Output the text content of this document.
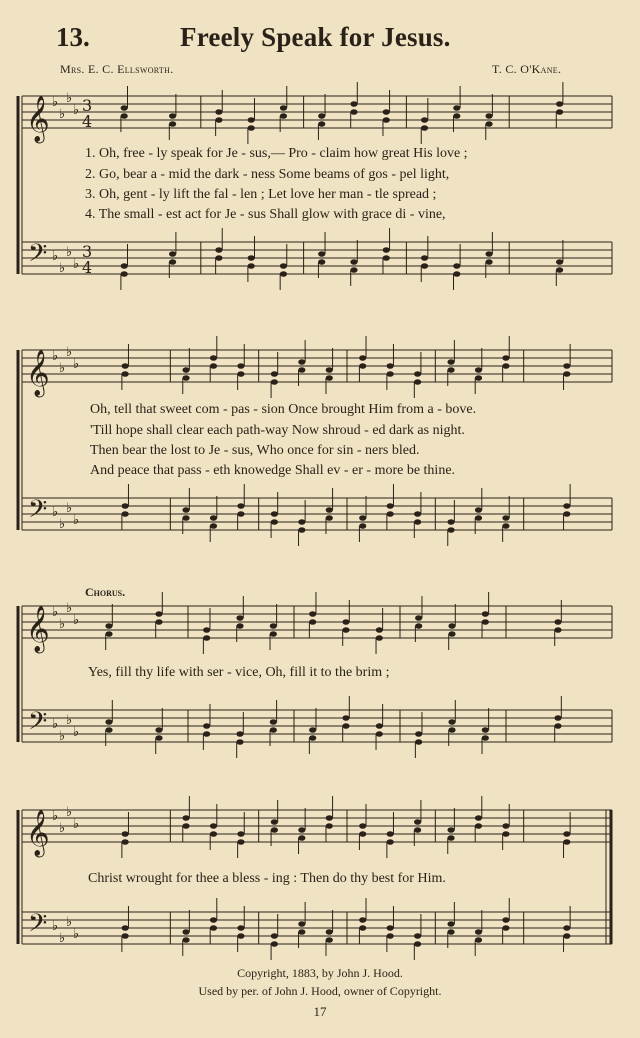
13.	Freely Speak for Jesus.
Mrs. E. C. Ellsworth.	T. C. O'Kane.
𝄞
𝄢
♭
♭
♭
♭
♭
♭
♭
♭
3
4
3
4
𝄞
𝄢
♭
♭
♭
♭
♭
♭
♭
♭
𝄞
𝄢
♭
♭
♭
♭
♭
♭
♭
♭
𝄞
𝄢
♭
♭
♭
♭
♭
♭
♭
♭
1. Oh, free - ly speak for Je - sus,— Pro - claim how great His love ;
2. Go, bear a - mid the dark - ness Some beams of gos - pel light,
3. Oh, gent - ly lift the fal - len ; Let love her man - tle spread ;
4. The small - est act for Je - sus Shall glow with grace di - vine,
Oh, tell that sweet com - pas - sion Once brought Him from a - bove.
'Till hope shall clear each path-way Now shroud - ed dark as night.
Then bear the lost to Je - sus, Who once for sin - ners bled.
And peace that pass - eth knowedge Shall ev - er - more be thine.
Chorus.
Yes, fill thy life with ser - vice, Oh, fill it to the brim ;
Christ wrought for thee a bless - ing : Then do thy best for Him.
Copyright, 1883, by John J. Hood.
Used by per. of John J. Hood, owner of Copyright.
17
